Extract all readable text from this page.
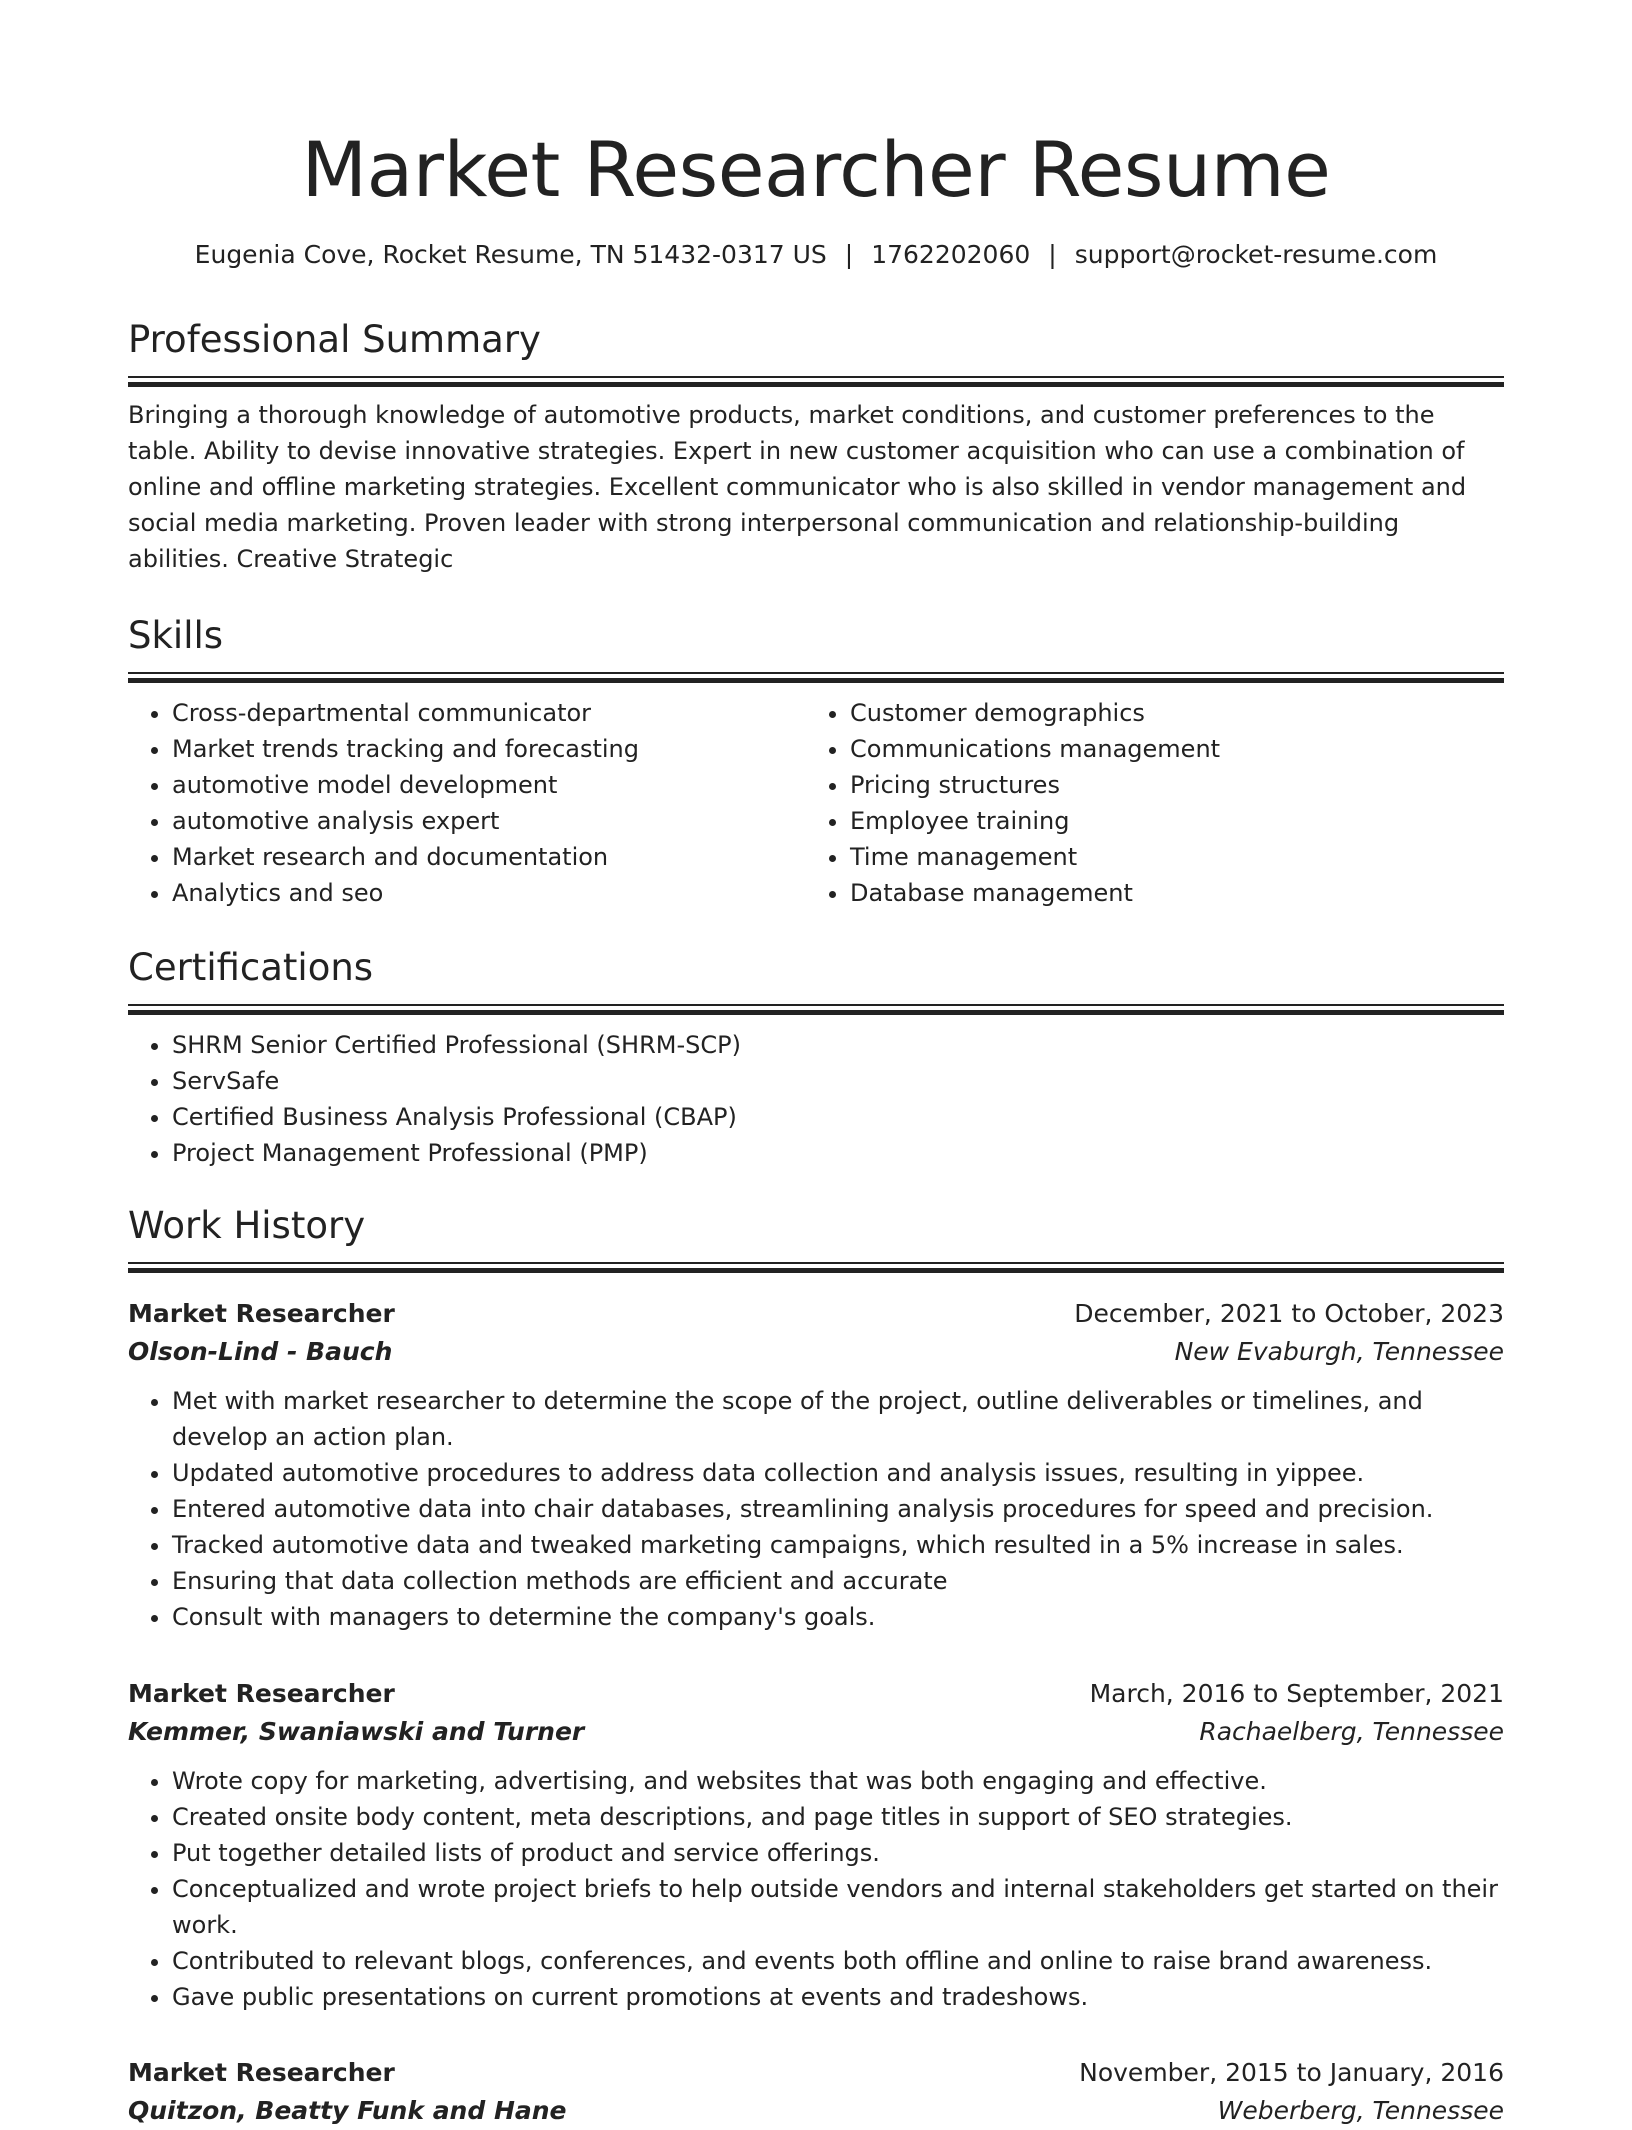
Market Researcher Resume
Eugenia Cove, Rocket Resume, TN 51432-0317 US | 1762202060 | support@rocket-resume.com
Professional Summary
Bringing a thorough knowledge of automotive products, market conditions, and customer preferences to the table. Ability to devise innovative strategies. Expert in new customer acquisition who can use a combination of online and offline marketing strategies. Excellent communicator who is also skilled in vendor management and social media marketing. Proven leader with strong interpersonal communication and relationship-building abilities. Creative Strategic
Skills
• Cross-departmental communicator
• Market trends tracking and forecasting
• automotive model development
• automotive analysis expert
• Market research and documentation
• Analytics and seo
• Customer demographics
• Communications management
• Pricing structures
• Employee training
• Time management
• Database management
Certifications
• SHRM Senior Certified Professional (SHRM-SCP)
• ServSafe
• Certified Business Analysis Professional (CBAP)
• Project Management Professional (PMP)
Work History
Market Researcher	December, 2021 to October, 2023
Olson-Lind - Bauch	New Evaburgh, Tennessee
• Met with market researcher to determine the scope of the project, outline deliverables or timelines, and develop an action plan.
• Updated automotive procedures to address data collection and analysis issues, resulting in yippee.
• Entered automotive data into chair databases, streamlining analysis procedures for speed and precision.
• Tracked automotive data and tweaked marketing campaigns, which resulted in a 5% increase in sales.
• Ensuring that data collection methods are efficient and accurate
• Consult with managers to determine the company's goals.
Market Researcher	March, 2016 to September, 2021
Kemmer, Swaniawski and Turner	Rachaelberg, Tennessee
• Wrote copy for marketing, advertising, and websites that was both engaging and effective.
• Created onsite body content, meta descriptions, and page titles in support of SEO strategies.
• Put together detailed lists of product and service offerings.
• Conceptualized and wrote project briefs to help outside vendors and internal stakeholders get started on their work.
• Contributed to relevant blogs, conferences, and events both offline and online to raise brand awareness.
• Gave public presentations on current promotions at events and tradeshows.
Market Researcher	November, 2015 to January, 2016
Quitzon, Beatty Funk and Hane	Weberberg, Tennessee
